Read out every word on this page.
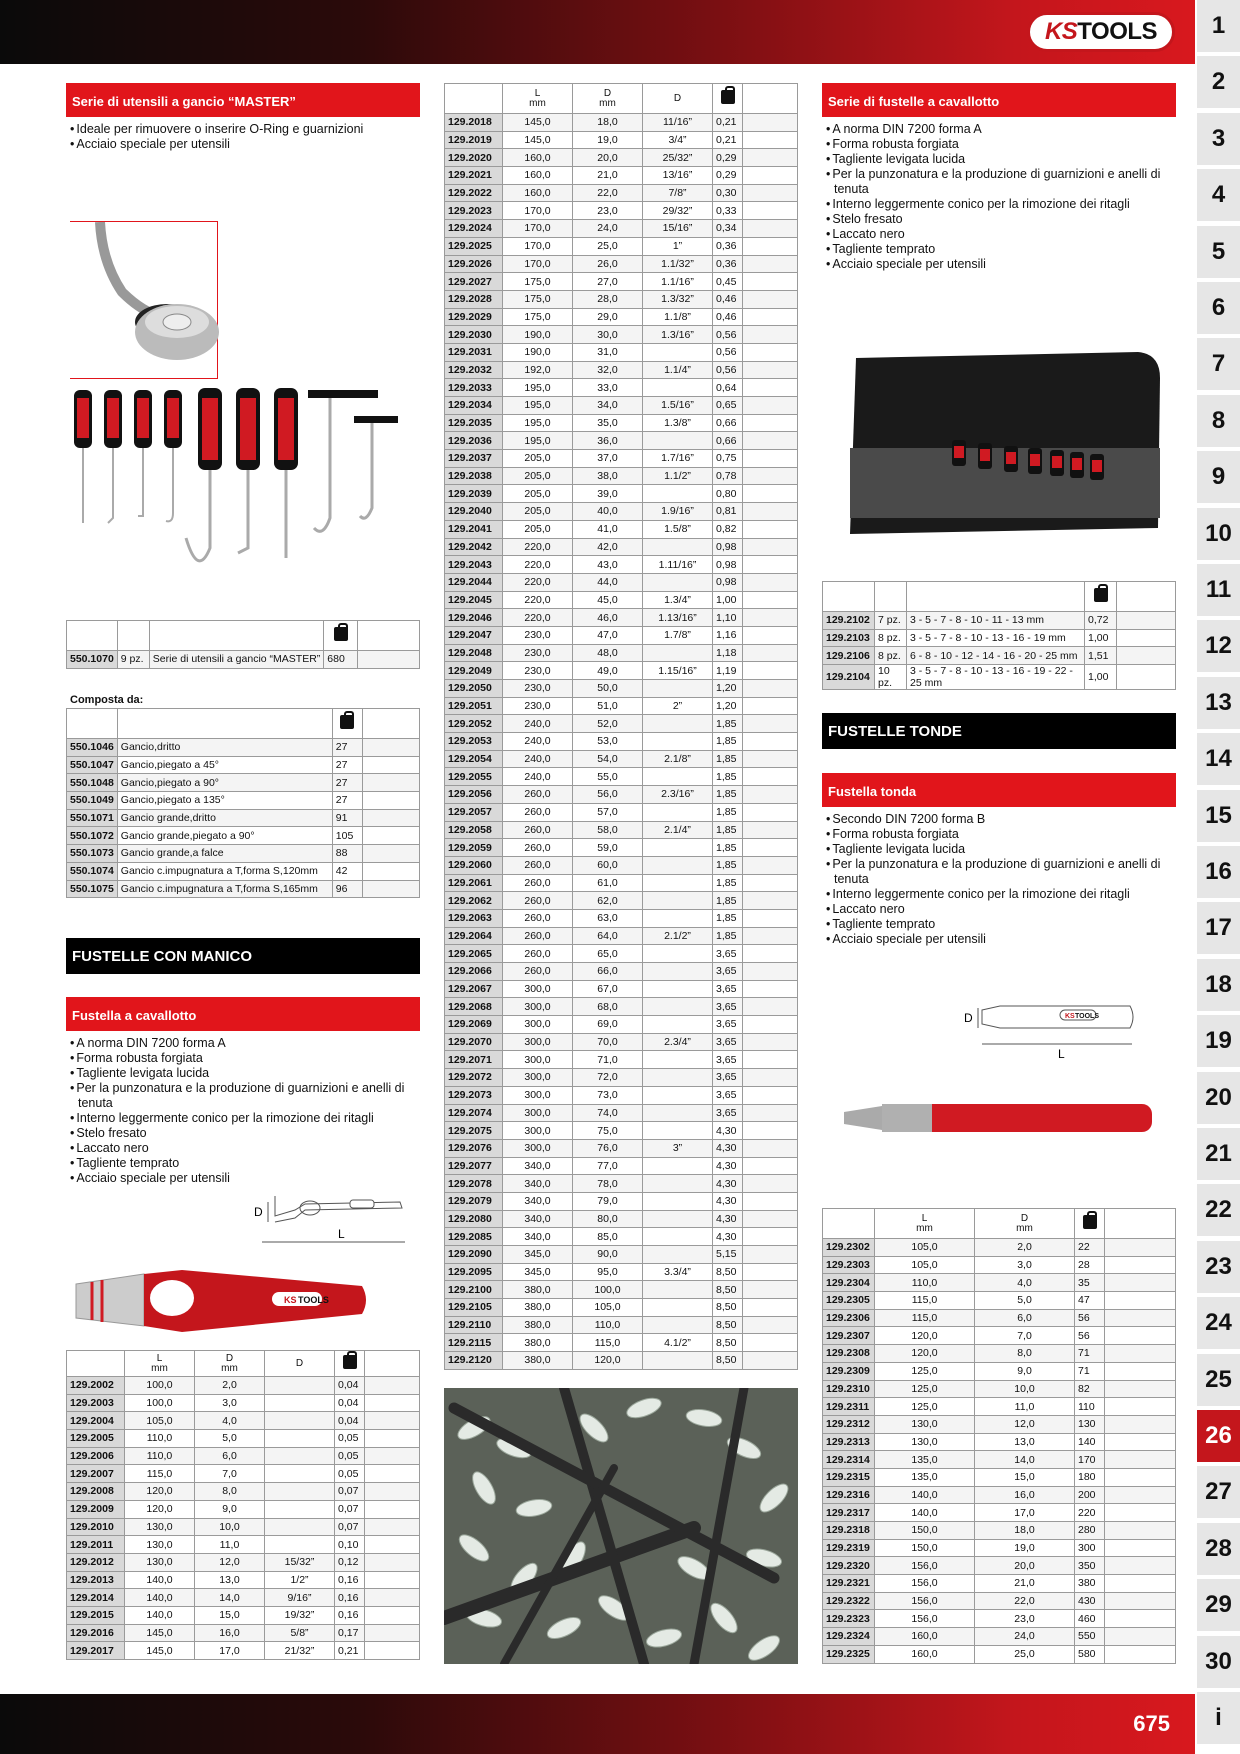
KS TOOLS	1
2
3
4
5
6
7
8
9
10
11
12
13
14
15
16
17
18
19
20
21
22
23
24
25
26
27
28
29
30
i
Serie di utensili a gancio “MASTER”
• Ideale per rimuovere o inserire O-Ring e guarnizioni
• Acciaio speciale per utensili

550.1070	9 pz.	Serie di utensili a gancio “MASTER”	680	
Composta da:

550.1046	Gancio,dritto	27	
550.1047	Gancio,piegato a 45°	27	
550.1048	Gancio,piegato a 90°	27	
550.1049	Gancio,piegato a 135°	27	
550.1071	Gancio grande,dritto	91	
550.1072	Gancio grande,piegato a 90°	105	
550.1073	Gancio grande,a falce	88	
550.1074	Gancio c.impugnatura a T,forma S,120mm	42	
550.1075	Gancio c.impugnatura a T,forma S,165mm	96	
FUSTELLE CON MANICO
Fustella a cavallotto
• A norma DIN 7200 forma A
• Forma robusta forgiata
• Tagliente levigata lucida
• Per la punzonatura e la produzione di guarnizioni e anelli di tenuta
• Interno leggermente conico per la rimozione dei ritagli
• Stelo fresato
• Laccato nero
• Tagliente temprato
• Acciaio speciale per utensili
D
L
KS TOOLS
	L
mm	D
mm	D		
129.2002	100,0	2,0		0,04	
129.2003	100,0	3,0		0,04	
129.2004	105,0	4,0		0,04	
129.2005	110,0	5,0		0,05	
129.2006	110,0	6,0		0,05	
129.2007	115,0	7,0		0,05	
129.2008	120,0	8,0		0,07	
129.2009	120,0	9,0		0,07	
129.2010	130,0	10,0		0,07	
129.2011	130,0	11,0		0,10	
129.2012	130,0	12,0	15/32”	0,12	
129.2013	140,0	13,0	1/2”	0,16	
129.2014	140,0	14,0	9/16”	0,16	
129.2015	140,0	15,0	19/32”	0,16	
129.2016	145,0	16,0	5/8”	0,17	
129.2017	145,0	17,0	21/32”	0,21	
	L
mm	D
mm	D		
129.2018	145,0	18,0	11/16”	0,21	
129.2019	145,0	19,0	3/4”	0,21	
129.2020	160,0	20,0	25/32”	0,29	
129.2021	160,0	21,0	13/16”	0,29	
129.2022	160,0	22,0	7/8”	0,30	
129.2023	170,0	23,0	29/32”	0,33	
129.2024	170,0	24,0	15/16”	0,34	
129.2025	170,0	25,0	1”	0,36	
129.2026	170,0	26,0	1.1/32”	0,36	
129.2027	175,0	27,0	1.1/16”	0,45	
129.2028	175,0	28,0	1.3/32”	0,46	
129.2029	175,0	29,0	1.1/8”	0,46	
129.2030	190,0	30,0	1.3/16”	0,56	
129.2031	190,0	31,0		0,56	
129.2032	192,0	32,0	1.1/4”	0,56	
129.2033	195,0	33,0		0,64	
129.2034	195,0	34,0	1.5/16”	0,65	
129.2035	195,0	35,0	1.3/8”	0,66	
129.2036	195,0	36,0		0,66	
129.2037	205,0	37,0	1.7/16”	0,75	
129.2038	205,0	38,0	1.1/2”	0,78	
129.2039	205,0	39,0		0,80	
129.2040	205,0	40,0	1.9/16”	0,81	
129.2041	205,0	41,0	1.5/8”	0,82	
129.2042	220,0	42,0		0,98	
129.2043	220,0	43,0	1.11/16”	0,98	
129.2044	220,0	44,0		0,98	
129.2045	220,0	45,0	1.3/4”	1,00	
129.2046	220,0	46,0	1.13/16”	1,10	
129.2047	230,0	47,0	1.7/8”	1,16	
129.2048	230,0	48,0		1,18	
129.2049	230,0	49,0	1.15/16”	1,19	
129.2050	230,0	50,0		1,20	
129.2051	230,0	51,0	2”	1,20	
129.2052	240,0	52,0		1,85	
129.2053	240,0	53,0		1,85	
129.2054	240,0	54,0	2.1/8”	1,85	
129.2055	240,0	55,0		1,85	
129.2056	260,0	56,0	2.3/16”	1,85	
129.2057	260,0	57,0		1,85	
129.2058	260,0	58,0	2.1/4”	1,85	
129.2059	260,0	59,0		1,85	
129.2060	260,0	60,0		1,85	
129.2061	260,0	61,0		1,85	
129.2062	260,0	62,0		1,85	
129.2063	260,0	63,0		1,85	
129.2064	260,0	64,0	2.1/2”	1,85	
129.2065	260,0	65,0		3,65	
129.2066	260,0	66,0		3,65	
129.2067	300,0	67,0		3,65	
129.2068	300,0	68,0		3,65	
129.2069	300,0	69,0		3,65	
129.2070	300,0	70,0	2.3/4”	3,65	
129.2071	300,0	71,0		3,65	
129.2072	300,0	72,0		3,65	
129.2073	300,0	73,0		3,65	
129.2074	300,0	74,0		3,65	
129.2075	300,0	75,0		4,30	
129.2076	300,0	76,0	3”	4,30	
129.2077	340,0	77,0		4,30	
129.2078	340,0	78,0		4,30	
129.2079	340,0	79,0		4,30	
129.2080	340,0	80,0		4,30	
129.2085	340,0	85,0		4,30	
129.2090	345,0	90,0		5,15	
129.2095	345,0	95,0	3.3/4”	8,50	
129.2100	380,0	100,0		8,50	
129.2105	380,0	105,0		8,50	
129.2110	380,0	110,0		8,50	
129.2115	380,0	115,0	4.1/2”	8,50	
129.2120	380,0	120,0		8,50	
Serie di fustelle a cavallotto
• A norma DIN 7200 forma A
• Forma robusta forgiata
• Tagliente levigata lucida
• Per la punzonatura e la produzione di guarnizioni e anelli di tenuta
• Interno leggermente conico per la rimozione dei ritagli
• Stelo fresato
• Laccato nero
• Tagliente temprato
• Acciaio speciale per utensili

129.2102	7 pz.	3 - 5 - 7 - 8 - 10 - 11 - 13 mm	0,72	
129.2103	8 pz.	3 - 5 - 7 - 8 - 10 - 13 - 16 - 19 mm	1,00	
129.2106	8 pz.	6 - 8 - 10 - 12 - 14 - 16 - 20 - 25 mm	1,51	
129.2104	10 pz.	3 - 5 - 7 - 8 - 10 - 13 - 16 - 19 - 22 - 25 mm	1,00	
FUSTELLE TONDE
Fustella tonda
• Secondo DIN 7200 forma B
• Forma robusta forgiata
• Tagliente levigata lucida
• Per la punzonatura e la produzione di guarnizioni e anelli di tenuta
• Interno leggermente conico per la rimozione dei ritagli
• Laccato nero
• Tagliente temprato
• Acciaio speciale per utensili
D	KS TOOLS
L
	L
mm	D
mm		
129.2302	105,0	2,0	22	
129.2303	105,0	3,0	28	
129.2304	110,0	4,0	35	
129.2305	115,0	5,0	47	
129.2306	115,0	6,0	56	
129.2307	120,0	7,0	56	
129.2308	120,0	8,0	71	
129.2309	125,0	9,0	71	
129.2310	125,0	10,0	82	
129.2311	125,0	11,0	110	
129.2312	130,0	12,0	130	
129.2313	130,0	13,0	140	
129.2314	135,0	14,0	170	
129.2315	135,0	15,0	180	
129.2316	140,0	16,0	200	
129.2317	140,0	17,0	220	
129.2318	150,0	18,0	280	
129.2319	150,0	19,0	300	
129.2320	156,0	20,0	350	
129.2321	156,0	21,0	380	
129.2322	156,0	22,0	430	
129.2323	156,0	23,0	460	
129.2324	160,0	24,0	550	
129.2325	160,0	25,0	580	
675
